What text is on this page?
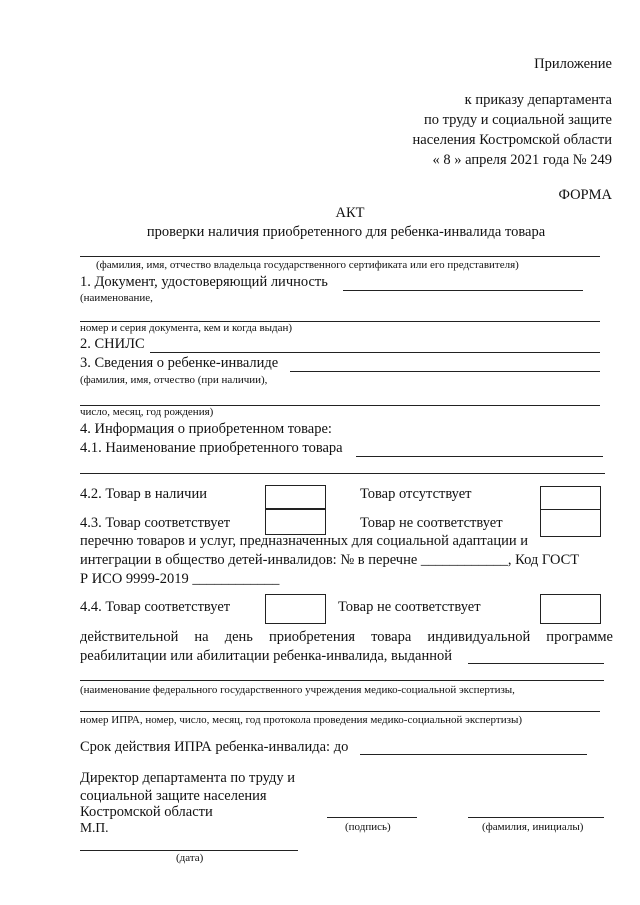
Приложение
к приказу департамента
по труду и социальной защите
населения Костромской области
« 8 » апреля 2021 года № 249
ФОРМА
АКТ
проверки наличия приобретенного для ребенка-инвалида товара
(фамилия, имя, отчество владельца государственного сертификата или его представителя)
1. Документ, удостоверяющий личность
(наименование,
номер и серия документа, кем и когда выдан)
2. СНИЛС
3. Сведения о ребенке-инвалиде
(фамилия, имя, отчество (при наличии),
число, месяц, год рождения)
4. Информация о приобретенном товаре:
4.1. Наименование приобретенного товара
4.2. Товар в наличии	Товар отсутствует
4.3. Товар соответствует	Товар не соответствует
перечню товаров и услуг, предназначенных для социальной адаптации и
интеграции в общество детей-инвалидов: № в перечне ____________, Код ГОСТ
Р ИСО 9999-2019 ____________
4.4. Товар соответствует	Товар не соответствует
действительной на день приобретения товара индивидуальной программе
реабилитации или абилитации ребенка-инвалида, выданной
(наименование федерального государственного учреждения медико-социальной экспертизы,
номер ИПРА, номер, число, месяц, год протокола проведения медико-социальной экспертизы)
Срок действия ИПРА ребенка-инвалида: до
Директор департамента по труду и
социальной защите населения
Костромской области
М.П.	(подпись)	(фамилия, инициалы)
(дата)
